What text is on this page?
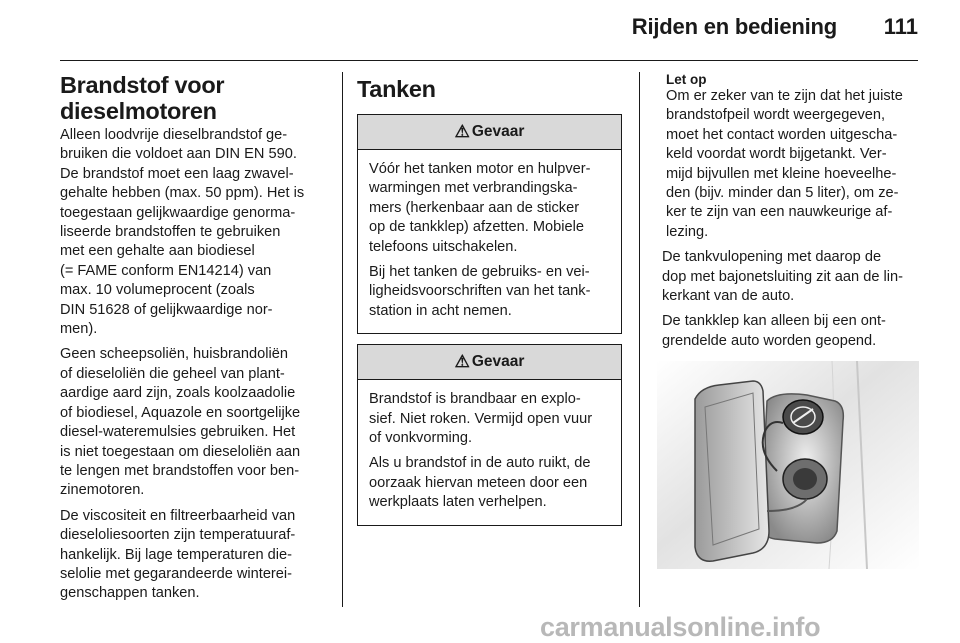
Rijden en bediening 111
Brandstof voor
dieselmotoren
Alleen loodvrije dieselbrandstof ge-
bruiken die voldoet aan DIN EN 590.
De brandstof moet een laag zwavel-
gehalte hebben (max. 50 ppm). Het is
toegestaan gelijkwaardige genorma-
liseerde brandstoffen te gebruiken
met een gehalte aan biodiesel
(= FAME conform EN14214) van
max. 10 volumeprocent (zoals
DIN 51628 of gelijkwaardige nor-
men).
Geen scheepsoliën, huisbrandoliën
of dieseloliën die geheel van plant-
aardige aard zijn, zoals koolzaadolie
of biodiesel, Aquazole en soortgelijke
diesel-wateremulsies gebruiken. Het
is niet toegestaan om dieseloliën aan
te lengen met brandstoffen voor ben-
zinemotoren.
De viscositeit en filtreerbaarheid van
dieseloliesoorten zijn temperatuuraf-
hankelijk. Bij lage temperaturen die-
selolie met gegarandeerde winterei-
genschappen tanken.
Tanken
⚠ Gevaar
Vóór het tanken motor en hulpver-
warmingen met verbrandingska-
mers (herkenbaar aan de sticker
op de tankklep) afzetten. Mobiele
telefoons uitschakelen.
Bij het tanken de gebruiks- en vei-
ligheidsvoorschriften van het tank-
station in acht nemen.
⚠ Gevaar
Brandstof is brandbaar en explo-
sief. Niet roken. Vermijd open vuur
of vonkvorming.
Als u brandstof in de auto ruikt, de
oorzaak hiervan meteen door een
werkplaats laten verhelpen.
Let op
Om er zeker van te zijn dat het juiste
brandstofpeil wordt weergegeven,
moet het contact worden uitgescha-
keld voordat wordt bijgetankt. Ver-
mijd bijvullen met kleine hoeveelhe-
den (bijv. minder dan 5 liter), om ze-
ker te zijn van een nauwkeurige af-
lezing.
De tankvulopening met daarop de
dop met bajonetsluiting zit aan de lin-
kerkant van de auto.
De tankklep kan alleen bij een ont-
grendelde auto worden geopend.
carmanualsonline.info
